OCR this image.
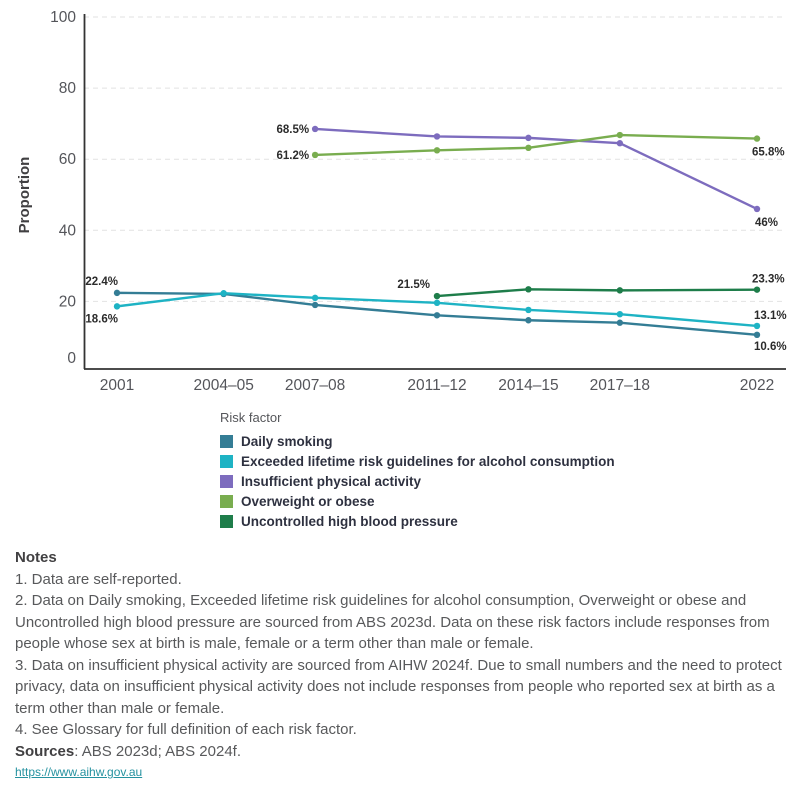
0
20
40
60
80
100
2001	2004–05 2007–08	2011–12 2014–15 2017–18	2022
Proportion
22.4%
10.6%
18.6%	13.1%
68.5%
46%
61.2%	65.8%
21.5%	23.3%
Risk factor
Daily smoking
Exceeded lifetime risk guidelines for alcohol consumption
Insufficient physical activity
Overweight or obese
Uncontrolled high blood pressure

Notes

1. Data are self-reported.

2. Data on Daily smoking, Exceeded lifetime risk guidelines for alcohol consumption, Overweight or obese and Uncontrolled high blood pressure are sourced from ABS 2023d. Data on these risk factors include responses from people whose sex at birth is male, female or a term other than male or female.

3. Data on insufficient physical activity are sourced from AIHW 2024f. Due to small numbers and the need to protect privacy, data on insufficient physical activity does not include responses from people who reported sex at birth as a term other than male or female.

4. See Glossary for full definition of each risk factor.

Sources: ABS 2023d; ABS 2024f.

https://www.aihw.gov.au
